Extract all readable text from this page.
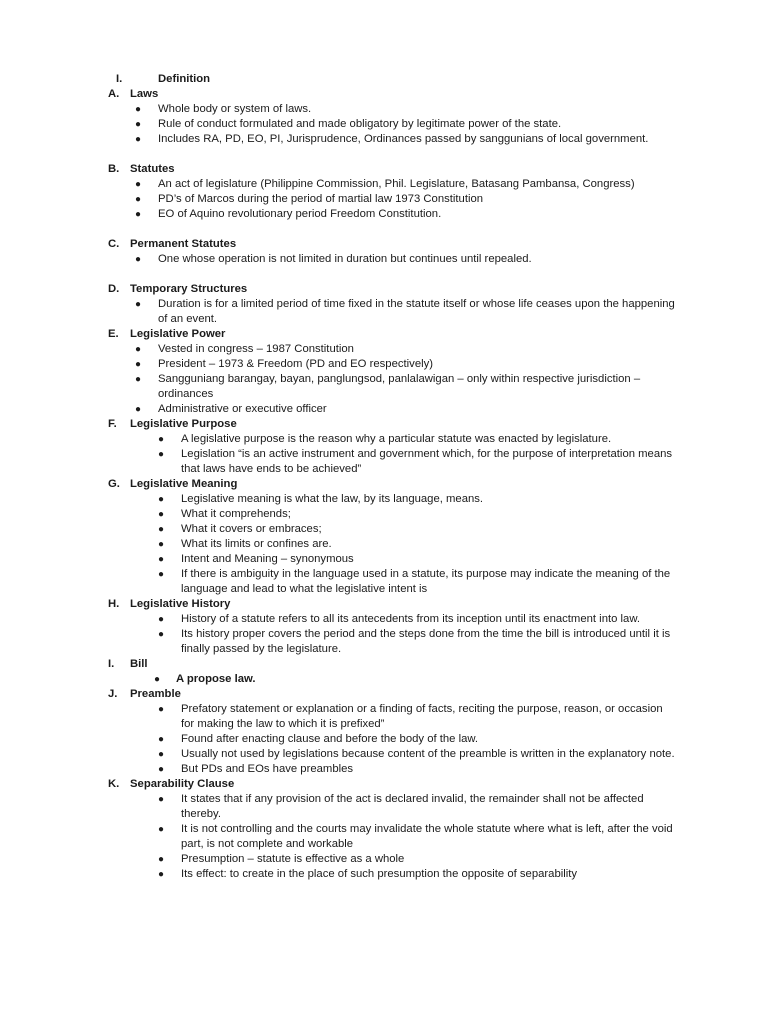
I.	Definition
A. Laws
● Whole body or system of laws.
● Rule of conduct formulated and made obligatory by legitimate power of the state.
● Includes RA, PD, EO, PI, Jurisprudence, Ordinances passed by sanggunians of local government.
B. Statutes
● An act of legislature (Philippine Commission, Phil. Legislature, Batasang Pambansa, Congress)
● PD’s of Marcos during the period of martial law 1973 Constitution
● EO of Aquino revolutionary period Freedom Constitution.
C. Permanent Statutes
● One whose operation is not limited in duration but continues until repealed.
D. Temporary Structures
● Duration is for a limited period of time fixed in the statute itself or whose life ceases upon the happening of an event.
E. Legislative Power
● Vested in congress – 1987 Constitution
● President – 1973 & Freedom (PD and EO respectively)
● Sangguniang barangay, bayan, panglungsod, panlalawigan – only within respective jurisdiction – ordinances
● Administrative or executive officer
F. Legislative Purpose
● A legislative purpose is the reason why a particular statute was enacted by legislature.
● Legislation “is an active instrument and government which, for the purpose of interpretation means that laws have ends to be achieved”
G. Legislative Meaning
● Legislative meaning is what the law, by its language, means.
● What it comprehends;
● What it covers or embraces;
● What its limits or confines are.
● Intent and Meaning – synonymous
● If there is ambiguity in the language used in a statute, its purpose may indicate the meaning of the language and lead to what the legislative intent is
H. Legislative History
● History of a statute refers to all its antecedents from its inception until its enactment into law.
● Its history proper covers the period and the steps done from the time the bill is introduced until it is finally passed by the legislature.
I. Bill
● A propose law.
J. Preamble
● Prefatory statement or explanation or a finding of facts, reciting the purpose, reason, or occasion for making the law to which it is prefixed”
● Found after enacting clause and before the body of the law.
● Usually not used by legislations because content of the preamble is written in the explanatory note.
● But PDs and EOs have preambles
K. Separability Clause
● It states that if any provision of the act is declared invalid, the remainder shall not be affected thereby.
● It is not controlling and the courts may invalidate the whole statute where what is left, after the void part, is not complete and workable
● Presumption – statute is effective as a whole
● Its effect: to create in the place of such presumption the opposite of separability
